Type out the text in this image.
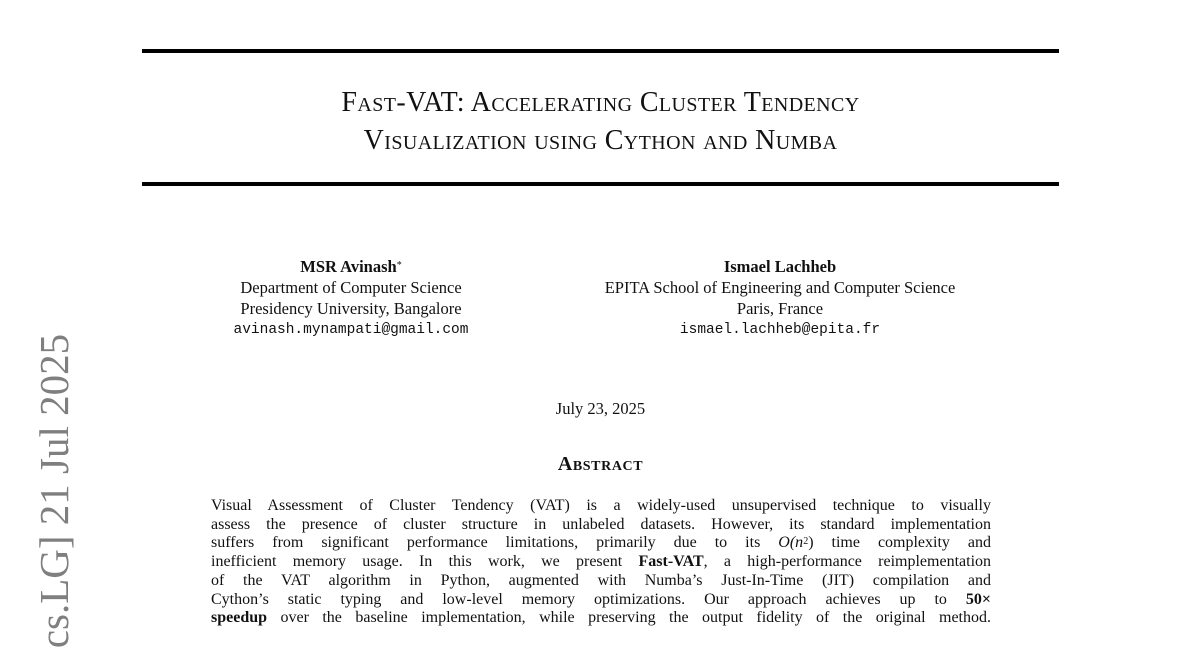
cs.LG] 21 Jul 2025
Fast-VAT: Accelerating Cluster Tendency
Visualization using Cython and Numba
MSR Avinash*
Department of Computer Science
Presidency University, Bangalore
avinash.mynampati@gmail.com
Ismael Lachheb
EPITA School of Engineering and Computer Science
Paris, France
ismael.lachheb@epita.fr
July 23, 2025
Abstract
Visual Assessment of Cluster Tendency (VAT) is a widely-used unsupervised technique to visually
assess the presence of cluster structure in unlabeled datasets. However, its standard implementation
suffers from significant performance limitations, primarily due to its $O(n^2)$ time complexity and
inefficient memory usage. In this work, we present Fast-VAT, a high-performance reimplementation
of the VAT algorithm in Python, augmented with Numba’s Just-In-Time (JIT) compilation and
Cython’s static typing and low-level memory optimizations. Our approach achieves up to 50×
speedup over the baseline implementation, while preserving the output fidelity of the original method.
